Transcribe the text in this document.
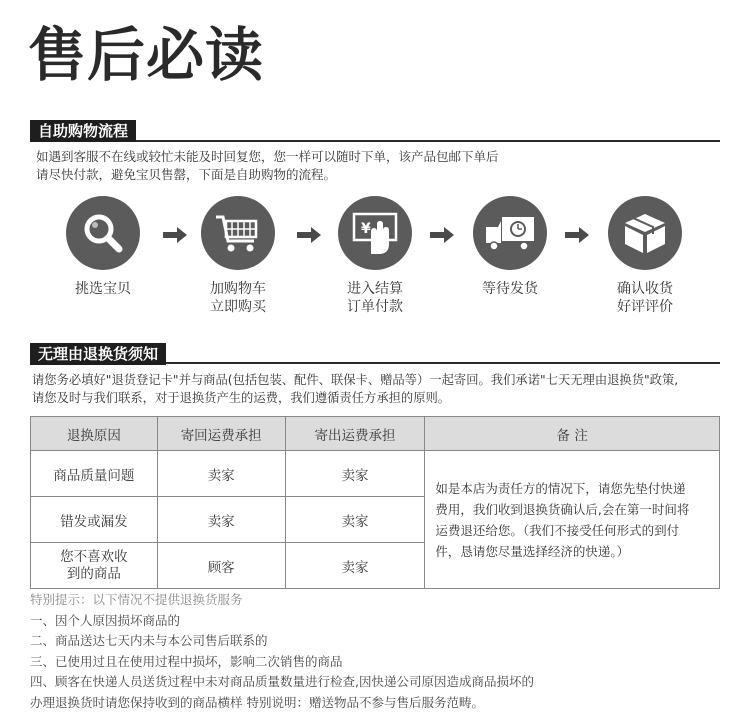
售后必读
自助购物流程
如遇到客服不在线或较忙未能及时回复您，您一样可以随时下单，该产品包邮下单后
请尽快付款，避免宝贝售罄，下面是自助购物的流程。
挑选宝贝	加购物车
立即购买
¥
进入结算
订单付款
等待发货	确认收货
好评评价
无理由退换货须知
请您务必填好"退货登记卡"并与商品(包括包装、配件、联保卡、赠品等）一起寄回。我们承诺"七天无理由退换货"政策,
请您及时与我们联系，对于退换货产生的运费，我们遵循责任方承担的原则。
退换原因	寄回运费承担	寄出运费承担	备 注
商品质量问题	卖家	卖家	如是本店为责任方的情况下，请您先垫付快递
费用，我们收到退换货确认后,会在第一时间将
运费退还给您。（我们不接受任何形式的到付
件，恳请您尽量选择经济的快递。）

错发或漏发	卖家	卖家	

您不喜欢收
到的商品	顾客	卖家	
特别提示：以下情况不提供退换货服务
一、因个人原因损坏商品的
二、商品送达七天内未与本公司售后联系的
三、已使用过且在使用过程中损坏，影响二次销售的商品
四、顾客在快递人员送货过程中未对商品质量数量进行检查,因快递公司原因造成商品损坏的
办理退换货时请您保持收到的商品横样 特别说明：赠送物品不参与售后服务范畴。
